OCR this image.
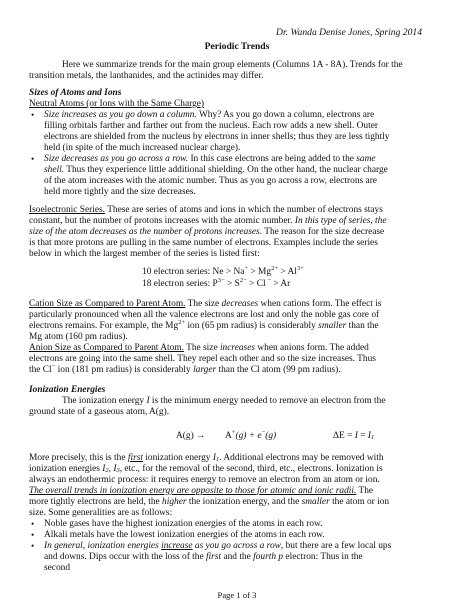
Dr. Wanda Denise Jones, Spring 2014
Periodic Trends
Here we summarize trends for the main group elements (Columns 1A - 8A). Trends for the
transition metals, the lanthanides, and the actinides may differ.
Sizes of Atoms and Ions
Neutral Atoms (or Ions with the Same Charge)
• Size increases as you go down a column. Why? As you go down a column, electrons are
filling orbitals farther and farther out from the nucleus. Each row adds a new shell. Outer
electrons are shielded from the nucleus by electrons in inner shells; thus they are less tightly
held (in spite of the much increased nuclear charge).
• Size decreases as you go across a row. In this case electrons are being added to the same
shell. Thus they experience little additional shielding. On the other hand, the nuclear charge
of the atom increases with the atomic number. Thus as you go across a row, electrons are
held more tightly and the size decreases.
Isoelectronic Series. These are series of atoms and ions in which the number of electrons stays
constant, but the number of protons increases with the atomic number. In this type of series, the
size of the atom decreases as the number of protons increases. The reason for the size decrease
is that more protons are pulling in the same number of electrons. Examples include the series
below in which the largest member of the series is listed first:
10 electron series: $Ne > Na^+ > Mg^{2+} > Al^{3+}$
18 electron series: $P^{3-} > S^{2-} > Cl$ − > Ar
Cation Size as Compared to Parent Atom. The size decreases when cations form. The effect is
particularly pronounced when all the valence electrons are lost and only the noble gas core of
electrons remains. For example, the $Mg^{2+}$ ion (65 pm radius) is considerably smaller than the
Mg atom (160 pm radius).
Anion Size as Compared to Parent Atom. The size increases when anions form. The added
electrons are going into the same shell. They repel each other and so the size increases. Thus
the Cl− ion (181 pm radius) is considerably larger than the Cl atom (99 pm radius).
Ionization Energies
The ionization energy I is the minimum energy needed to remove an electron from the
ground state of a gaseous atom, A(g).
A(g) → A+(g) + e−(g)	$\Delta E = I = I_1$
More precisely, this is the first ionization energy $I_1$. Additional electrons may be removed with
ionization energies $I_2$, $I_3$, etc., for the removal of the second, third, etc., electrons. Ionization is
always an endothermic process: it requires energy to remove an electron from an atom or ion.
The overall trends in ionization energy are opposite to those for atomic and ionic radii. The
more tightly electrons are held, the higher the ionization energy, and the smaller the atom or ion
size. Some generalities are as follows:
• Noble gases have the highest ionization energies of the atoms in each row.
• Alkali metals have the lowest ionization energies of the atoms in each row.
• In general, ionization energies increase as you go across a row, but there are a few local ups
and downs. Dips occur with the loss of the first and the fourth p electron: Thus in the
second
Page 1 of 3
